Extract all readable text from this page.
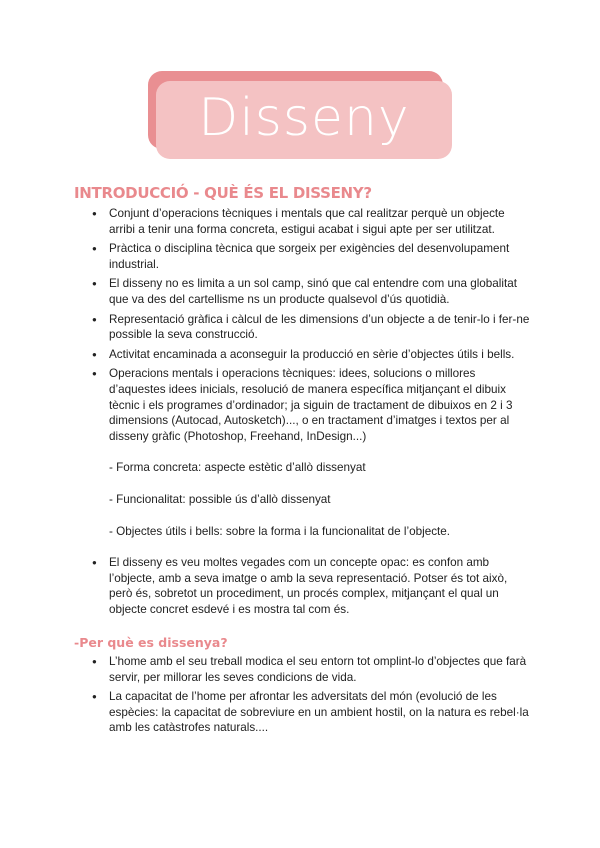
Disseny
INTRODUCCIÓ - QUÈ ÉS EL DISSENY?
● Conjunt d’operacions tècniques i mentals que cal realitzar perquè un objecte arribi a tenir una forma concreta, estigui acabat i sigui apte per ser utilitzat.
● Pràctica o disciplina tècnica que sorgeix per exigències del desenvolupament industrial.
● El disseny no es limita a un sol camp, sinó que cal entendre com una globalitat que va des del cartellisme ns un producte qualsevol d’ús quotidià.
● Representació gràfica i càlcul de les dimensions d’un objecte a de tenir-lo i fer-ne possible la seva construcció.
● Activitat encaminada a aconseguir la producció en sèrie d’objectes útils i bells.
● Operacions mentals i operacions tècniques: idees, solucions o millores d’aquestes idees inicials, resolució de manera específica mitjançant el dibuix tècnic i els programes d’ordinador; ja siguin de tractament de dibuixos en 2 i 3 dimensions (Autocad, Autosketch)..., o en tractament d’imatges i textos per al disseny gràfic (Photoshop, Freehand, InDesign...)
- Forma concreta: aspecte estètic d’allò dissenyat
- Funcionalitat: possible ús d’allò dissenyat
- Objectes útils i bells: sobre la forma i la funcionalitat de l’objecte.
● El disseny es veu moltes vegades com un concepte opac: es confon amb l’objecte, amb a seva imatge o amb la seva representació. Potser és tot això, però és, sobretot un procediment, un procés complex, mitjançant el qual un objecte concret esdevé i es mostra tal com és.
-Per què es dissenya?
● L’home amb el seu treball modica el seu entorn tot omplint-lo d’objectes que farà servir, per millorar les seves condicions de vida.
● La capacitat de l’home per afrontar les adversitats del món (evolució de les espècies: la capacitat de sobreviure en un ambient hostil, on la natura es rebel·la amb les catàstrofes naturals....
